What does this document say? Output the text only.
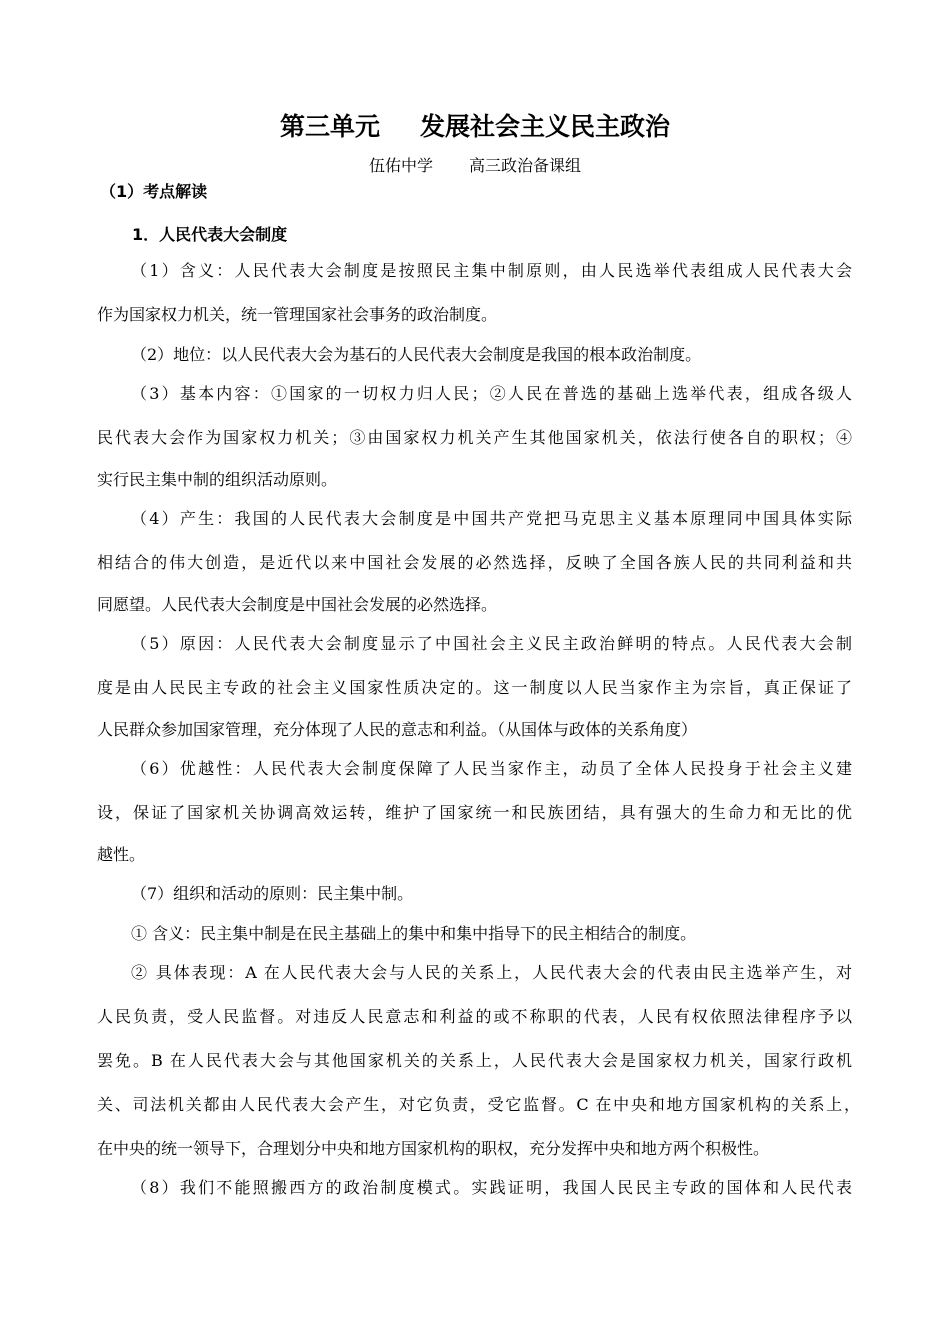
第三单元 发展社会主义民主政治
伍佑中学 高三政治备课组
（1）考点解读
1．人民代表大会制度
（1）含义：人民代表大会制度是按照民主集中制原则，由人民选举代表组成人民代表大会
作为国家权力机关，统一管理国家社会事务的政治制度。
（2）地位：以人民代表大会为基石的人民代表大会制度是我国的根本政治制度。
（3）基本内容：①国家的一切权力归人民；②人民在普选的基础上选举代表，组成各级人
民代表大会作为国家权力机关；③由国家权力机关产生其他国家机关，依法行使各自的职权；④
实行民主集中制的组织活动原则。
（4）产生：我国的人民代表大会制度是中国共产党把马克思主义基本原理同中国具体实际
相结合的伟大创造，是近代以来中国社会发展的必然选择，反映了全国各族人民的共同利益和共
同愿望。人民代表大会制度是中国社会发展的必然选择。
（5）原因：人民代表大会制度显示了中国社会主义民主政治鲜明的特点。人民代表大会制
度是由人民民主专政的社会主义国家性质决定的。这一制度以人民当家作主为宗旨，真正保证了
人民群众参加国家管理，充分体现了人民的意志和利益。（从国体与政体的关系角度）
（6）优越性：人民代表大会制度保障了人民当家作主，动员了全体人民投身于社会主义建
设，保证了国家机关协调高效运转，维护了国家统一和民族团结，具有强大的生命力和无比的优
越性。
（7）组织和活动的原则：民主集中制。
① 含义：民主集中制是在民主基础上的集中和集中指导下的民主相结合的制度。
② 具体表现：A 在人民代表大会与人民的关系上，人民代表大会的代表由民主选举产生，对
人民负责，受人民监督。对违反人民意志和利益的或不称职的代表，人民有权依照法律程序予以
罢免。B 在人民代表大会与其他国家机关的关系上，人民代表大会是国家权力机关，国家行政机
关、司法机关都由人民代表大会产生，对它负责，受它监督。C 在中央和地方国家机构的关系上，
在中央的统一领导下，合理划分中央和地方国家机构的职权，充分发挥中央和地方两个积极性。
（8）我们不能照搬西方的政治制度模式。实践证明，我国人民民主专政的国体和人民代表
